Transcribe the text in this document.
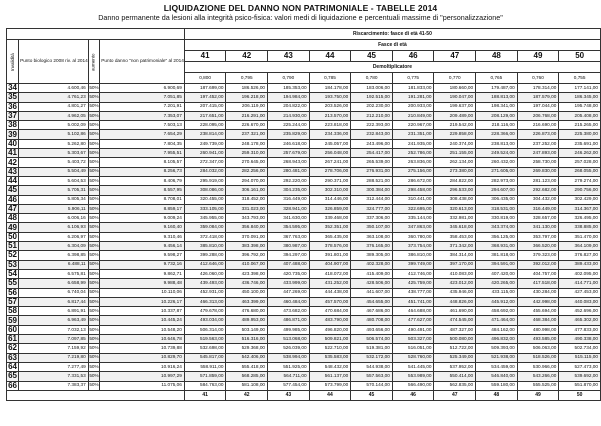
LIQUIDAZIONE DEL DANNO NON PATRIMONIALE - TABELLE 2014
Danno permanente da lesioni alla integrità psico-fisica: valori medi di liquidazione e percentuali massime di "personalizzazione"
				Riscarcimento: fasce di età 41-50									
Invalidità	Punto biologico 2008 riv. al 2014	aumento	Punto danno "non patrimoniale" al 2014	Fasce di età									
				41	42	43	44	45	46	47	48	49	50
				Demoltiplicatore									
				0,800	0,795	0,790	0,785	0,780	0,775	0,770	0,765	0,760	0,755
34	4.600,46	50%	6.900,69	187.699,00	186.526,00	185.353,00	184.178,00	183.006,00	181.833,00	180.660,00	179.487,00	178.314,00	177.141,00
35	4.761,23	50%	7.051,85	197.452,00	196.218,00	194.984,00	193.750,00	192.515,00	191.281,00	190.047,00	188.813,00	187.579,00	186.345,00
36	4.801,27	50%	7.201,91	207.415,00	206.119,00	204.822,00	203.526,00	202.230,00	200.933,00	199.637,00	198.341,00	197.044,00	195.748,00
37	4.962,05	50%	7.353,07	217.651,00	216.291,00	214.930,00	213.570,00	212.210,00	210.849,00	209.489,00	208.129,00	206.768,00	205.408,00
38	5.002,09	50%	7.503,13	228.095,00	226.670,00	225.244,00	223.818,00	222.393,00	220.967,00	219.542,00	218.116,00	216.690,00	215.265,00
39	5.102,86	50%	7.654,29	238.814,00	237.321,00	235.829,00	234.336,00	232.843,00	231.351,00	229.858,00	228.366,00	226.873,00	225.380,00
40	5.262,80	50%	7.804,35	249.739,00	248.178,00	246.618,00	245.057,00	243.496,00	241.935,00	240.374,00	238.813,00	237.252,00	235.691,00
41	5.303,67	50%	7.955,51	260.941,00	259.310,00	257.679,00	256.048,00	254.417,00	252.786,00	251.155,00	249.524,00	247.893,00	246.262,00
42	5.403,72	50%	8.105,57	272.347,00	270.645,00	268.943,00	267.241,00	265.539,00	263.836,00	262.134,00	260.432,00	258.730,00	257.028,00
43	5.504,49	50%	8.256,73	284.032,00	282.256,00	280.481,00	278.706,00	276.931,00	275.156,00	273.380,00	271.605,00	269.830,00	268.055,00
44	5.604,53	50%	8.406,79	295.919,00	294.070,00	292.220,00	290.371,00	288.521,00	286.672,00	284.822,00	282.973,00	281.123,00	279.274,00
45	5.705,31	50%	8.557,95	308.086,00	306.161,00	304.235,00	302.310,00	300.384,00	298.458,00	296.533,00	294.607,00	292.682,00	290.756,00
46	5.805,34	50%	8.708,01	320.455,00	318.452,00	316.449,00	314.446,00	312.444,00	310.441,00	308.438,00	306.435,00	304.432,00	302.429,00
47	5.906,11	50%	8.859,17	333.105,00	331.023,00	328.941,00	326.859,00	324.777,00	322.695,00	320.613,00	318.531,00	316.449,00	314.367,00
48	6.006,16	50%	9.009,24	345.955,00	343.793,00	341.630,00	339.468,00	337.306,00	335.144,00	332.981,00	330.819,00	328.657,00	326.495,00
49	6.106,93	50%	9.160,40	359.084,00	356.840,00	354.595,00	352.351,00	350.107,00	347.863,00	345.618,00	343.374,00	341.130,00	338.885,00
50	6.206,97	50%	9.310,46	372.418,00	370.091,00	367.763,00	365.435,00	363.108,00	360.780,00	358.453,00	356.125,00	353.797,00	351.470,00
51	6.304,09	50%	9.456,14	385.810,00	383.398,00	380.987,00	378.576,00	376.165,00	373.754,00	371.342,00	368.931,00	366.520,00	364.109,00
52	6.398,85	50%	9.598,27	399.288,00	396.792,00	394.297,00	391.801,00	389.305,00	386.810,00	384.314,00	381.818,00	379.323,00	376.827,00
53	6.488,11	50%	9.732,16	412.646,00	410.067,00	407.488,00	404.907,00	402.328,00	399.749,00	397.170,00	394.591,00	392.012,00	389.433,00
54	6.575,81	50%	9.862,71	426.060,00	423.398,00	420.735,00	418.072,00	415.409,00	412.746,00	410.083,00	407.420,00	404.757,00	402.095,00
55	6.658,99	50%	9.988,48	439.493,00	436.746,00	433.999,00	431.252,00	428.506,00	425.759,00	423.012,00	420.265,00	417.518,00	414.771,00
56	6.740,04	50%	10.110,06	452.931,00	450.100,00	447.269,00	444.438,00	441.607,00	438.777,00	435.946,00	433.115,00	430.284,00	427.453,00
57	6.817,44	50%	10.226,17	466.313,00	463.399,00	460.484,00	457.570,00	454.655,00	451.741,00	448.826,00	445.912,00	442.998,00	440.083,00
58	6.891,91	50%	10.337,87	479.678,00	476.680,00	473.682,00	470.684,00	467.686,00	464.688,00	461.690,00	458.692,00	455.694,00	452.696,00
59	6.963,49	50%	10.445,24	493.034,00	489.953,00	486.871,00	483.790,00	480.708,00	477.627,00	474.545,00	471.464,00	468.384,00	465.302,00
60	7.032,13	50%	10.548,20	506.314,00	503.149,00	499.985,00	496.820,00	493.656,00	490.491,00	487.327,00	484.162,00	480.998,00	477.833,00
61	7.097,85	50%	10.646,78	519.563,00	516.316,00	513.068,00	509.821,00	506.574,00	503.327,00	500.080,00	496.832,00	493.585,00	490.338,00
62	7.159,92	50%	10.739,88	532.698,00	529.368,00	526.039,00	522.710,00	519.381,00	516.051,00	512.722,00	509.393,00	506.063,00	502.734,00
63	7.219,80	50%	10.829,70	545.817,00	542.406,00	538.994,00	535.583,00	532.172,00	528.760,00	525.349,00	521.938,00	518.526,00	515.115,00
64	7.277,49	50%	10.916,24	558.911,00	555.418,00	551.925,00	548.432,00	544.938,00	541.445,00	537.952,00	534.459,00	530.966,00	527.473,00
65	7.331,53	50%	10.997,29	571.859,00	568.285,00	564.711,00	561.137,00	557.563,00	553.989,00	550.414,00	546.840,00	543.266,00	539.692,00
66	7.383,37	50%	11.075,06	584.763,00	581.108,00	577.454,00	573.799,00	570.144,00	566.490,00	562.835,00	559.180,00	555.525,00	551.870,00
				41	42	43	44	45	46	47	48	49	50
